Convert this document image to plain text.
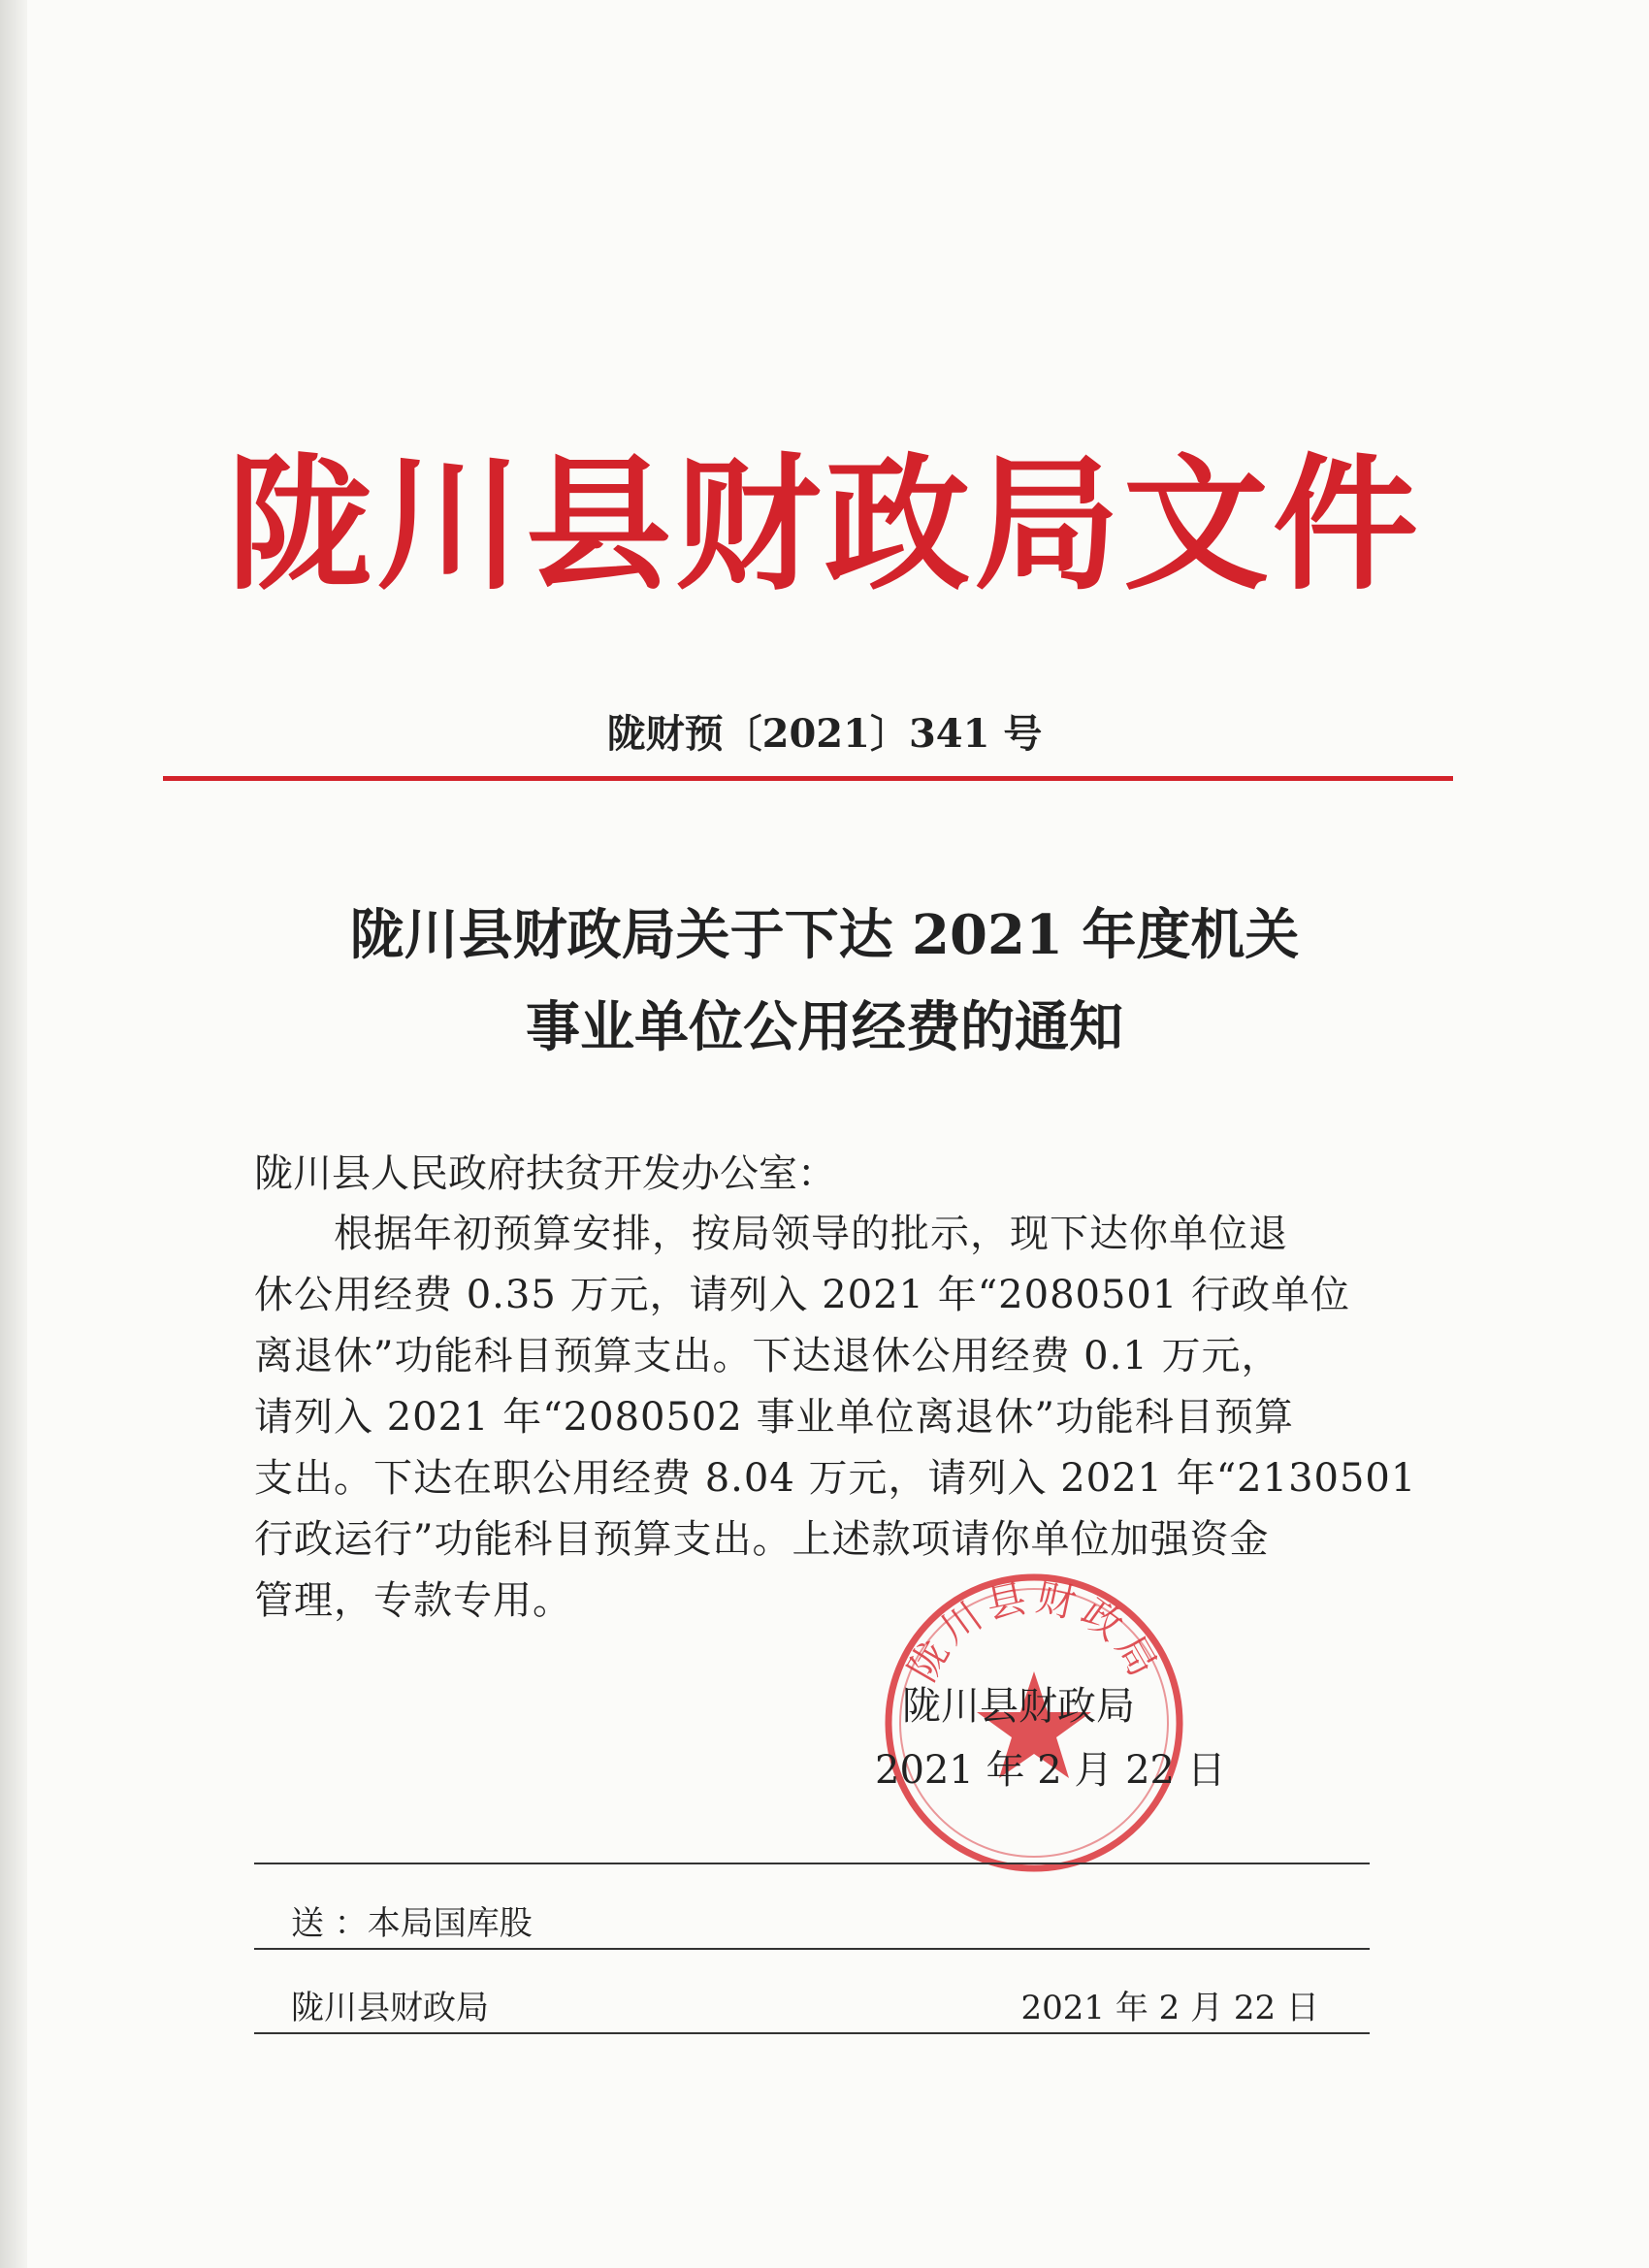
陇川县财政局文件
陇财预〔2021〕341 号
陇川县财政局关于下达 2021 年度机关
事业单位公用经费的通知
陇川县人民政府扶贫开发办公室：
　　根据年初预算安排，按局领导的批示，现下达你单位退
休公用经费 0.35 万元，请列入 2021 年“2080501 行政单位
离退休”功能科目预算支出。下达退休公用经费 0.1 万元，
请列入 2021 年“2080502 事业单位离退休”功能科目预算
支出。下达在职公用经费 8.04 万元，请列入 2021 年“2130501
行政运行”功能科目预算支出。上述款项请你单位加强资金
管理，专款专用。
陇川县财政局
陇川县财政局
2021 年 2 月 22 日
送 ：本局国库股
陇川县财政局	2021 年 2 月 22 日
